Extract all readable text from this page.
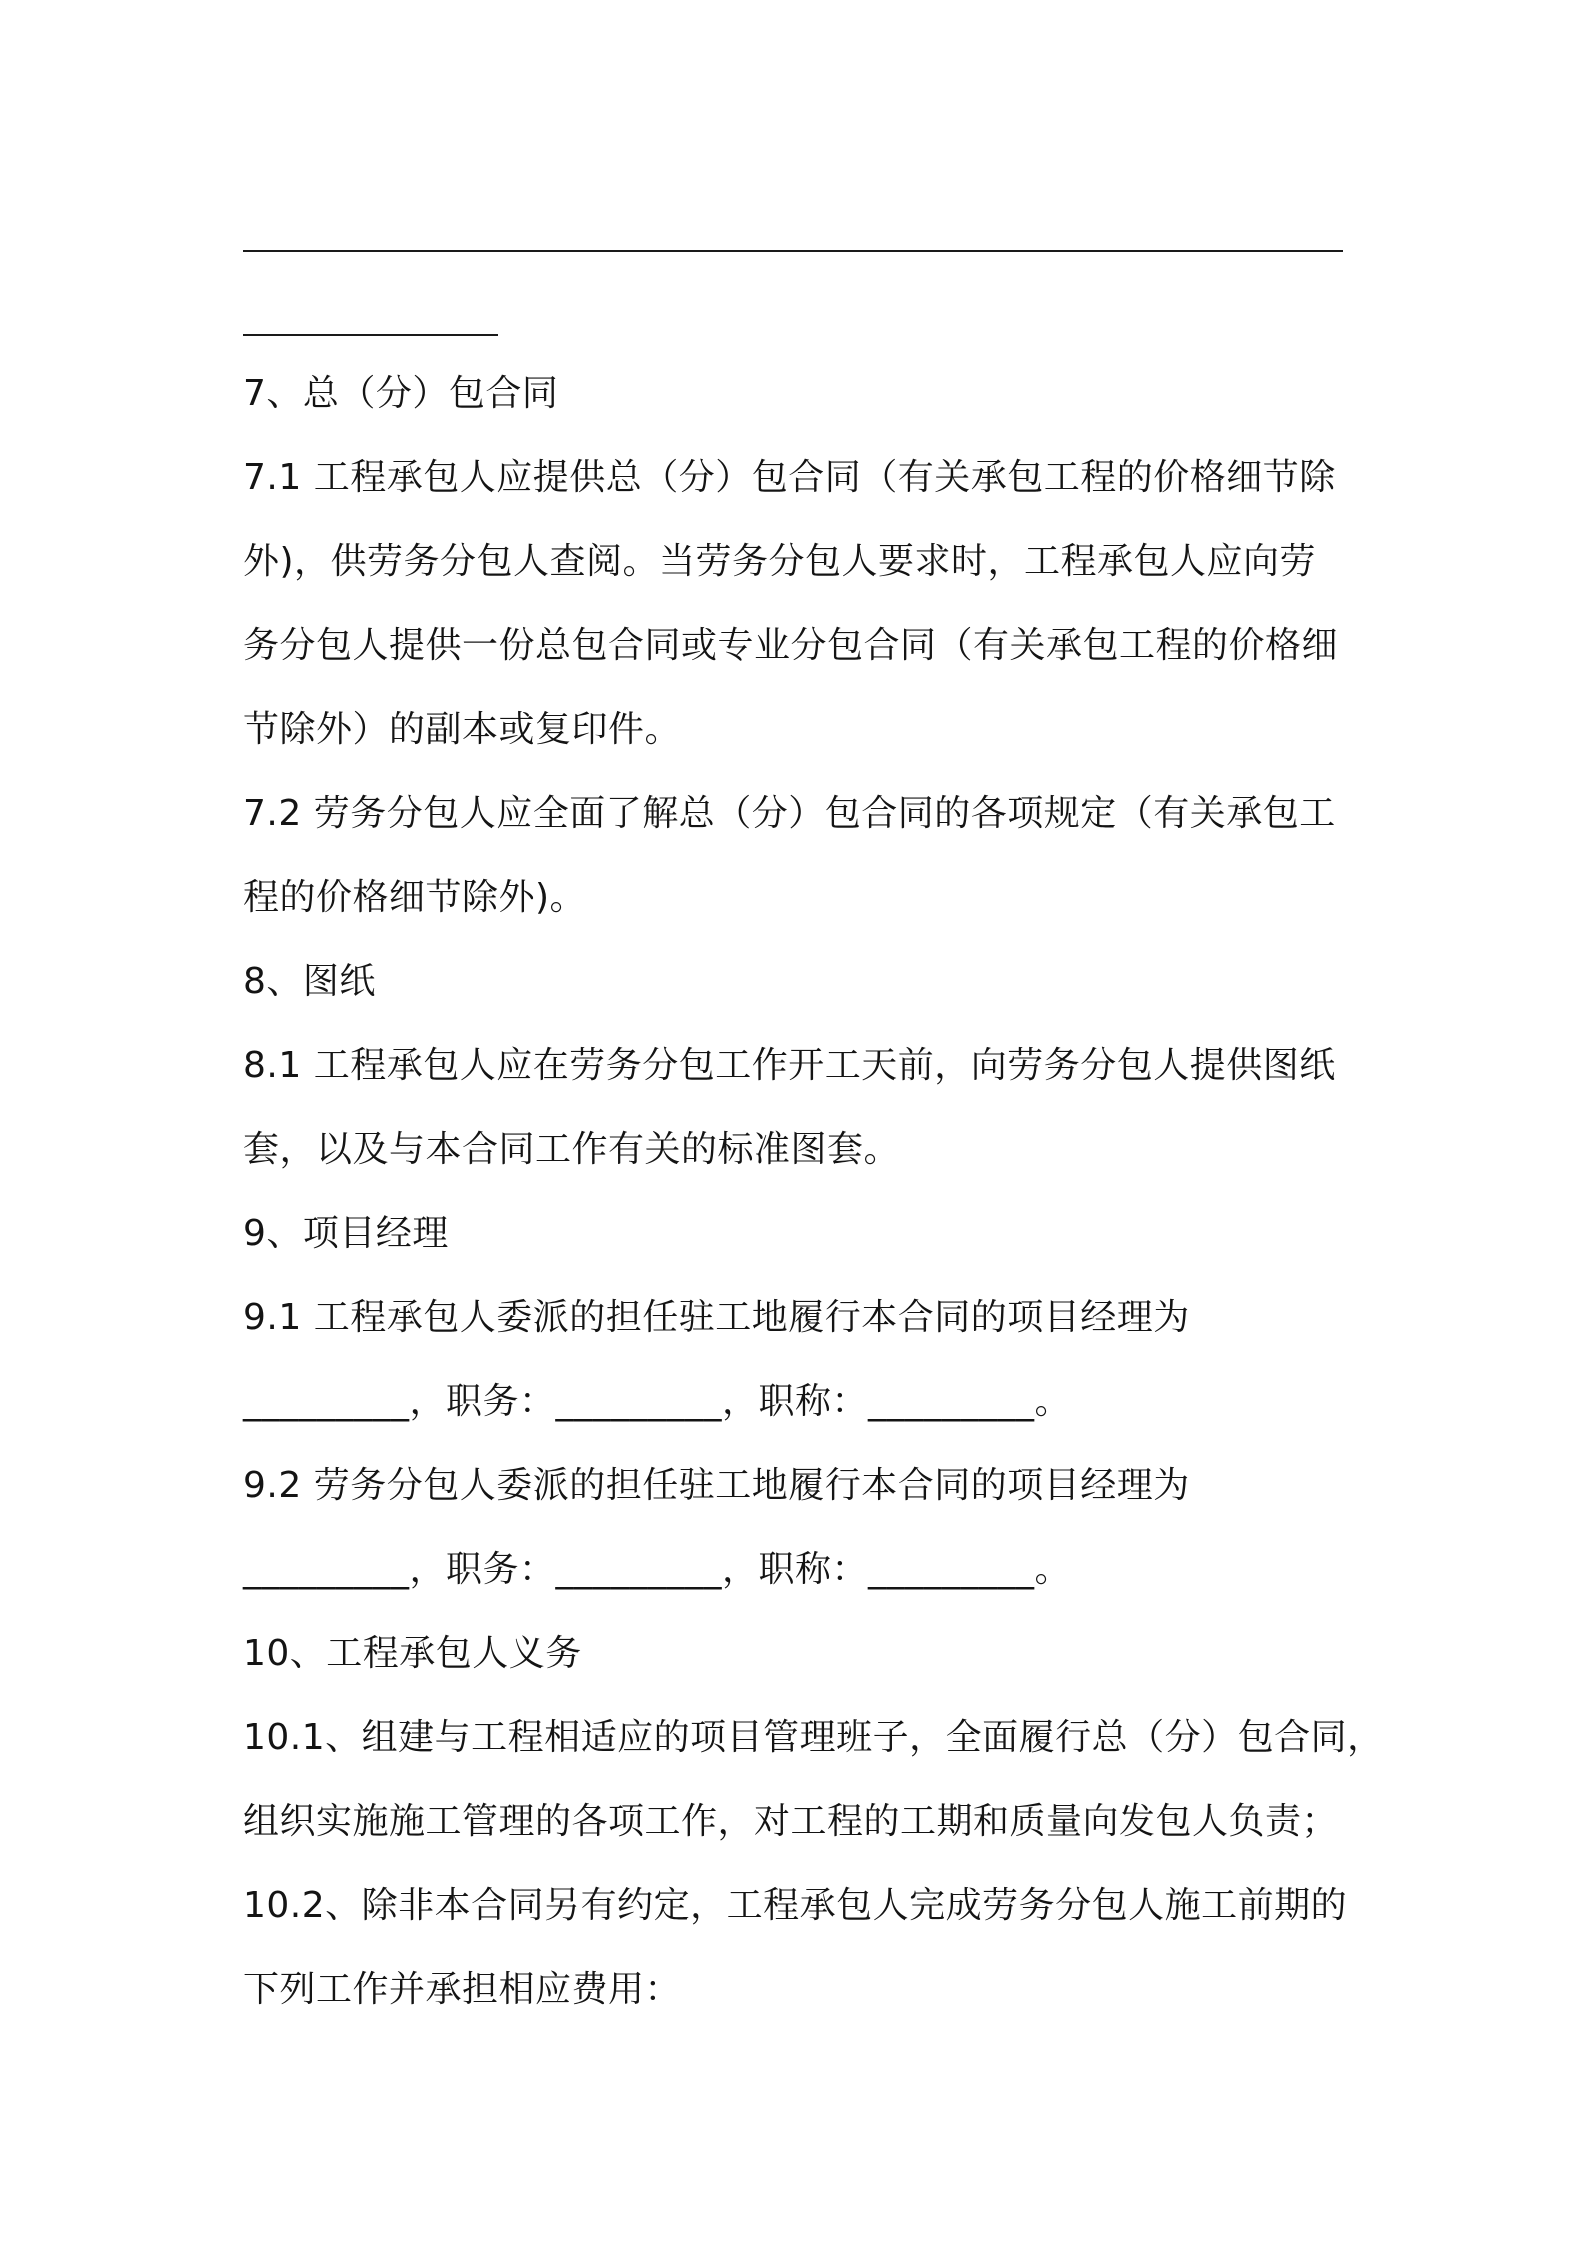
7、总（分）包合同
7.1 工程承包人应提供总（分）包合同（有关承包工程的价格细节除
外)，供劳务分包人查阅。当劳务分包人要求时，工程承包人应向劳
务分包人提供一份总包合同或专业分包合同（有关承包工程的价格细
节除外）的副本或复印件。
7.2 劳务分包人应全面了解总（分）包合同的各项规定（有关承包工
程的价格细节除外)。
8、图纸
8.1 工程承包人应在劳务分包工作开工天前，向劳务分包人提供图纸
套，以及与本合同工作有关的标准图套。
9、项目经理
9.1 工程承包人委派的担任驻工地履行本合同的项目经理为
_________，职务：_________，职称：_________。
9.2 劳务分包人委派的担任驻工地履行本合同的项目经理为
_________，职务：_________，职称：_________。
10、工程承包人义务
10.1、组建与工程相适应的项目管理班子，全面履行总（分）包合同，
组织实施施工管理的各项工作，对工程的工期和质量向发包人负责；
10.2、除非本合同另有约定，工程承包人完成劳务分包人施工前期的
下列工作并承担相应费用：
